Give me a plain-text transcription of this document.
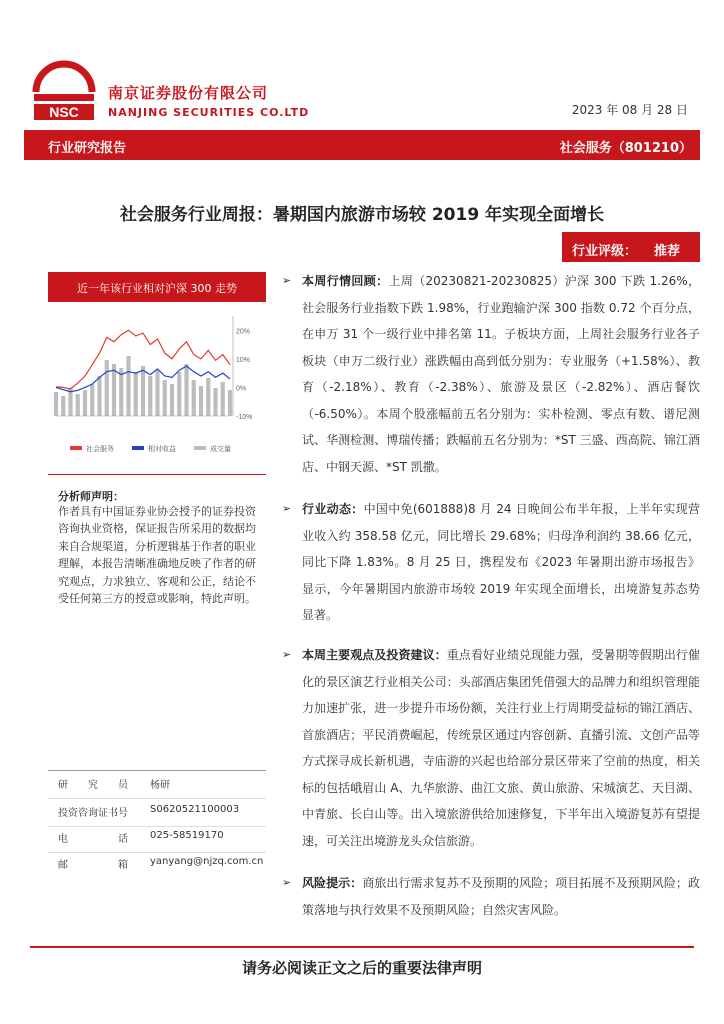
NSC
南京证券股份有限公司
NANJING SECURITIES CO.LTD	2023 年 08 月 28 日
行业研究报告	社会服务（801210）
社会服务行业周报：暑期国内旅游市场较 2019 年实现全面增长
行业评级： 推荐
近一年该行业相对沪深 300 走势
20%
10%
0%
-10%
社会服务	相对收益	成交量
分析师声明：
作者具有中国证券业协会授予的证券投资咨询执业资格，保证报告所采用的数据均来自合规渠道，分析逻辑基于作者的职业理解，本报告清晰准确地反映了作者的研究观点，力求独立、客观和公正，结论不受任何第三方的授意或影响，特此声明。
研　　究　　员 杨研
投资咨询证书号 S0620521100003
电　　　　　话 025-58519170
邮　　　　　箱 yanyang@njzq.com.cn
➢ 本周行情回顾：上周（20230821-20230825）沪深 300 下跌 1.26%，社会服务行业指数下跌 1.98%，行业跑输沪深 300 指数 0.72 个百分点，在申万 31 个一级行业中排名第 11。子板块方面，上周社会服务行业各子板块（申万二级行业）涨跌幅由高到低分别为：专业服务（+1.58%）、教育（-2.18%）、教育（-2.38%）、旅游及景区（-2.82%）、酒店餐饮（-6.50%）。本周个股涨幅前五名分别为：实朴检测、零点有数、谱尼测试、华测检测、博瑞传播；跌幅前五名分别为：*ST 三盛、西高院、锦江酒店、中钢天源、*ST 凯撒。
➢ 行业动态：中国中免(601888)8 月 24 日晚间公布半年报，上半年实现营业收入约 358.58 亿元，同比增长 29.68%；归母净利润约 38.66 亿元，同比下降 1.83%。8 月 25 日，携程发布《2023 年暑期出游市场报告》显示，今年暑期国内旅游市场较 2019 年实现全面增长，出境游复苏态势显著。
➢ 本周主要观点及投资建议：重点看好业绩兑现能力强，受暑期等假期出行催化的景区演艺行业相关公司：头部酒店集团凭借强大的品牌力和组织管理能力加速扩张，进一步提升市场份额，关注行业上行周期受益标的锦江酒店、首旅酒店；平民消费崛起，传统景区通过内容创新、直播引流、文创产品等方式探寻成长新机遇，寺庙游的兴起也给部分景区带来了空前的热度，相关标的包括峨眉山 A、九华旅游、曲江文旅、黄山旅游、宋城演艺、天目湖、中青旅、长白山等。出入境旅游供给加速修复，下半年出入境游复苏有望提速，可关注出境游龙头众信旅游。
➢ 风险提示：商旅出行需求复苏不及预期的风险；项目拓展不及预期风险；政策落地与执行效果不及预期风险；自然灾害风险。
请务必阅读正文之后的重要法律声明
